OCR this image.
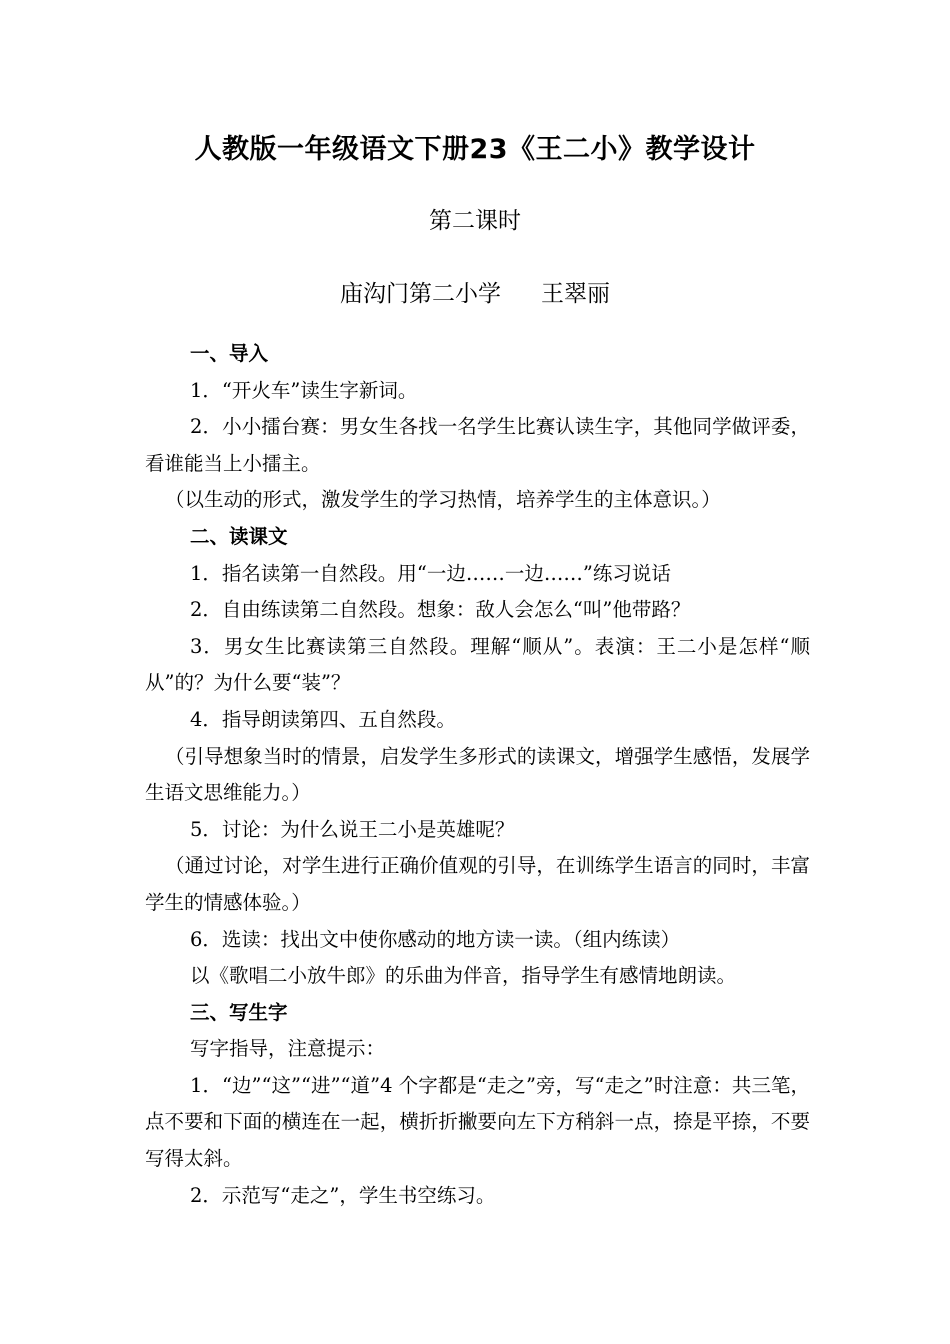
人教版一年级语文下册23《王二小》教学设计
第二课时
庙沟门第二小学 王翠丽

一、导入

1．“开火车”读生字新词。

2．小小擂台赛：男女生各找一名学生比赛认读生字，其他同学做评委，看谁能当上小擂主。

（以生动的形式，激发学生的学习热情，培养学生的主体意识。）

二、读课文

1．指名读第一自然段。用“一边……一边……”练习说话

2．自由练读第二自然段。想象：敌人会怎么“叫”他带路？

3．男女生比赛读第三自然段。理解“顺从”。表演：王二小是怎样“顺从”的？为什么要“装”？

4．指导朗读第四、五自然段。

（引导想象当时的情景，启发学生多形式的读课文，增强学生感悟，发展学生语文思维能力。）

5．讨论：为什么说王二小是英雄呢？

（通过讨论，对学生进行正确价值观的引导，在训练学生语言的同时，丰富学生的情感体验。）

6．选读：找出文中使你感动的地方读一读。（组内练读）

以《歌唱二小放牛郎》的乐曲为伴音，指导学生有感情地朗读。

三、写生字

写字指导，注意提示：

1．“边”“这”“进”“道”4 个字都是“走之”旁，写“走之”时注意：共三笔，点不要和下面的横连在一起，横折折撇要向左下方稍斜一点，捺是平捺，不要写得太斜。

2．示范写“走之”，学生书空练习。
